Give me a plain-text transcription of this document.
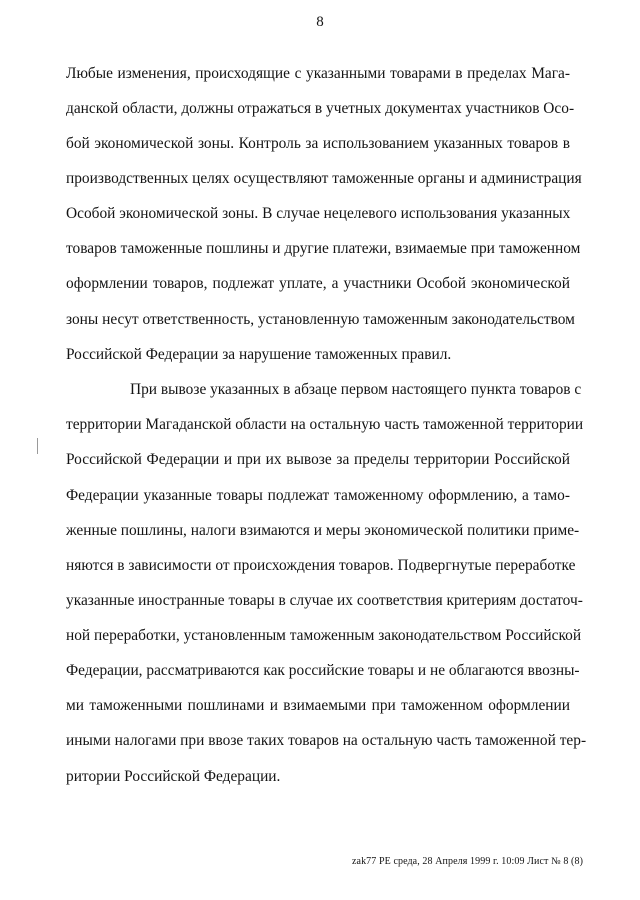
8
Любые изменения, происходящие с указанными товарами в пределах Мага-
данской области, должны отражаться в учетных документах участников Осо-
бой экономической зоны. Контроль за использованием указанных товаров в
производственных целях осуществляют таможенные органы и администрация
Особой экономической зоны. В случае нецелевого использования указанных
товаров таможенные пошлины и другие платежи, взимаемые при таможенном
оформлении товаров, подлежат уплате, а участники Особой экономической
зоны несут ответственность, установленную таможенным законодательством
Российской Федерации за нарушение таможенных правил.
При вывозе указанных в абзаце первом настоящего пункта товаров с
территории Магаданской области на остальную часть таможенной территории
Российской Федерации и при их вывозе за пределы территории Российской
Федерации указанные товары подлежат таможенному оформлению, а тамо-
женные пошлины, налоги взимаются и меры экономической политики приме-
няются в зависимости от происхождения товаров. Подвергнутые переработке
указанные иностранные товары в случае их соответствия критериям достаточ-
ной переработки, установленным таможенным законодательством Российской
Федерации, рассматриваются как российские товары и не облагаются ввозны-
ми таможенными пошлинами и взимаемыми при таможенном оформлении
иными налогами при ввозе таких товаров на остальную часть таможенной тер-
ритории Российской Федерации.
zak77 PE среда, 28 Апреля 1999 г. 10:09 Лист № 8 (8)
